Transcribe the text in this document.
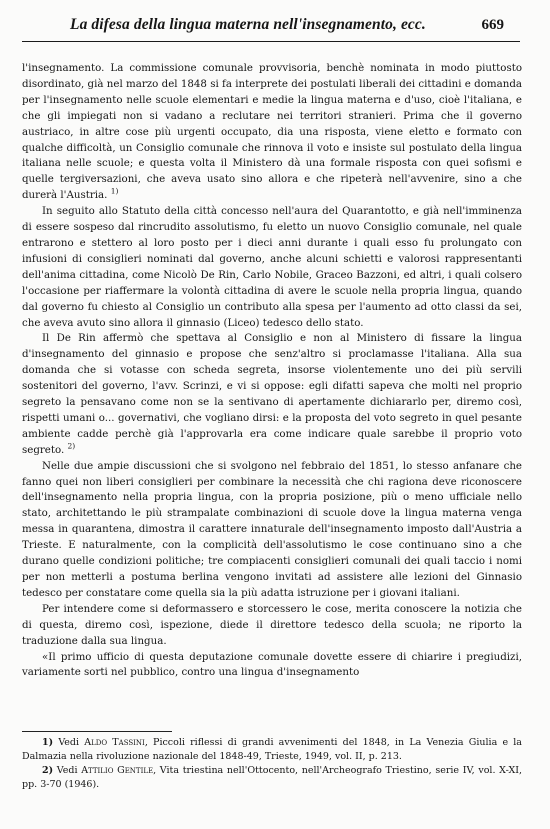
La difesa della lingua materna nell'insegnamento, ecc.	669

l'insegnamento. La commissione comunale provvisoria, benchè nominata in modo piuttosto disordinato, già nel marzo del 1848 si fa interprete dei postulati liberali dei cittadini e domanda per l'insegnamento nelle scuole elementari e medie la lingua materna e d'uso, cioè l'italiana, e che gli impiegati non si vadano a reclutare nei territori stranieri. Prima che il governo austriaco, in altre cose più urgenti occupato, dia una risposta, viene eletto e formato con qualche difficoltà, un Consiglio comunale che rinnova il voto e insiste sul postulato della lingua italiana nelle scuole; e questa volta il Ministero dà una formale risposta con quei sofismi e quelle tergiversazioni, che aveva usato sino allora e che ripeterà nell'avvenire, sino a che durerà l'Austria. $^{1)}$

In seguito allo Statuto della città concesso nell'aura del Quarantotto, e già nell'imminenza di essere sospeso dal rincrudito assolutismo, fu eletto un nuovo Consiglio comunale, nel quale entrarono e stettero al loro posto per i dieci anni durante i quali esso fu prolungato con infusioni di consiglieri nominati dal governo, anche alcuni schietti e valorosi rappresentanti dell'anima cittadina, come Nicolò De Rin, Carlo Nobile, Graceo Bazzoni, ed altri, i quali colsero l'occasione per riaffermare la volontà cittadina di avere le scuole nella propria lingua, quando dal governo fu chiesto al Consiglio un contributo alla spesa per l'aumento ad otto classi da sei, che aveva avuto sino allora il ginnasio (Liceo) tedesco dello stato.

Il De Rin affermò che spettava al Consiglio e non al Ministero di fissare la lingua d'insegnamento del ginnasio e propose che senz'altro si proclamasse l'italiana. Alla sua domanda che si votasse con scheda segreta, insorse violentemente uno dei più servili sostenitori del governo, l'avv. Scrinzi, e vi si oppose: egli difatti sapeva che molti nel proprio segreto la pensavano come non se la sentivano di apertamente dichiararlo per, diremo così, rispetti umani o... governativi, che vogliano dirsi: e la proposta del voto segreto in quel pesante ambiente cadde perchè già l'approvarla era come indicare quale sarebbe il proprio voto segreto. $^{2)}$

Nelle due ampie discussioni che si svolgono nel febbraio del 1851, lo stesso anfanare che fanno quei non liberi consiglieri per combinare la necessità che chi ragiona deve riconoscere dell'insegnamento nella propria lingua, con la propria posizione, più o meno ufficiale nello stato, architettando le più strampalate combinazioni di scuole dove la lingua materna venga messa in quarantena, dimostra il carattere innaturale dell'insegnamento imposto dall'Austria a Trieste. E naturalmente, con la complicità dell'assolutismo le cose continuano sino a che durano quelle condizioni politiche; tre compiacenti consiglieri comunali dei quali taccio i nomi per non metterli a postuma berlina vengono invitati ad assistere alle lezioni del Ginnasio tedesco per constatare come quella sia la più adatta istruzione per i giovani italiani.

Per intendere come si deformassero e storcessero le cose, merita conoscere la notizia che di questa, diremo così, ispezione, diede il direttore tedesco della scuola; ne riporto la traduzione dalla sua lingua.

«Il primo ufficio di questa deputazione comunale dovette essere di chiarire i pregiudizi, variamente sorti nel pubblico, contro una lingua d'insegnamento

1) Vedi Aldo Tassini, Piccoli riflessi di grandi avvenimenti del 1848, in La Venezia Giulia e la Dalmazia nella rivoluzione nazionale del 1848-49, Trieste, 1949, vol. II, p. 213.

2) Vedi Attilio Gentile, Vita triestina nell'Ottocento, nell'Archeografo Triestino, serie IV, vol. X-XI, pp. 3-70 (1946).
